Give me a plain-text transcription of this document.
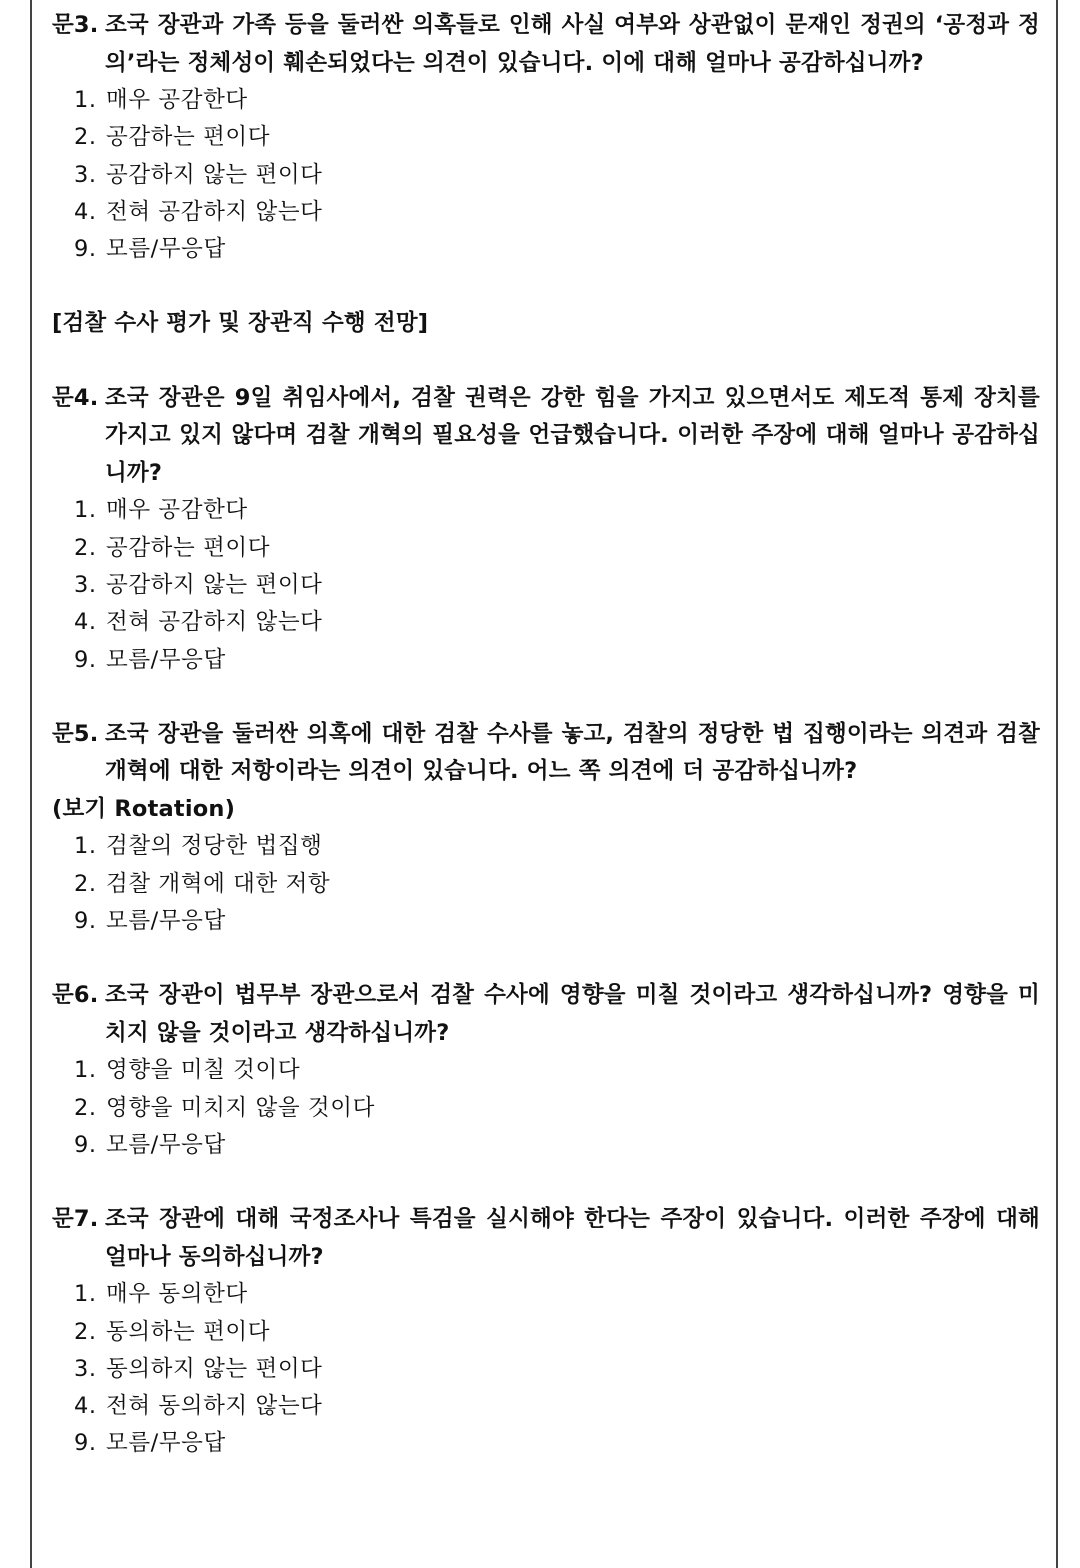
문3. 조국 장관과 가족 등을 둘러싼 의혹들로 인해 사실 여부와 상관없이 문재인 정권의 ‘공정과 정의’라는 정체성이 훼손되었다는 의견이 있습니다. 이에 대해 얼마나 공감하십니까?

1. 매우 공감한다
2. 공감하는 편이다
3. 공감하지 않는 편이다
4. 전혀 공감하지 않는다
9. 모름/무응답
[검찰 수사 평가 및 장관직 수행 전망]

문4. 조국 장관은 9일 취임사에서, 검찰 권력은 강한 힘을 가지고 있으면서도 제도적 통제 장치를 가지고 있지 않다며 검찰 개혁의 필요성을 언급했습니다. 이러한 주장에 대해 얼마나 공감하십니까?

1. 매우 공감한다
2. 공감하는 편이다
3. 공감하지 않는 편이다
4. 전혀 공감하지 않는다
9. 모름/무응답

문5. 조국 장관을 둘러싼 의혹에 대한 검찰 수사를 놓고, 검찰의 정당한 법 집행이라는 의견과 검찰 개혁에 대한 저항이라는 의견이 있습니다. 어느 쪽 의견에 더 공감하십니까?
(보기 Rotation)

1. 검찰의 정당한 법집행
2. 검찰 개혁에 대한 저항
9. 모름/무응답

문6. 조국 장관이 법무부 장관으로서 검찰 수사에 영향을 미칠 것이라고 생각하십니까? 영향을 미치지 않을 것이라고 생각하십니까?

1. 영향을 미칠 것이다
2. 영향을 미치지 않을 것이다
9. 모름/무응답

문7. 조국 장관에 대해 국정조사나 특검을 실시해야 한다는 주장이 있습니다. 이러한 주장에 대해 얼마나 동의하십니까?

1. 매우 동의한다
2. 동의하는 편이다
3. 동의하지 않는 편이다
4. 전혀 동의하지 않는다
9. 모름/무응답
